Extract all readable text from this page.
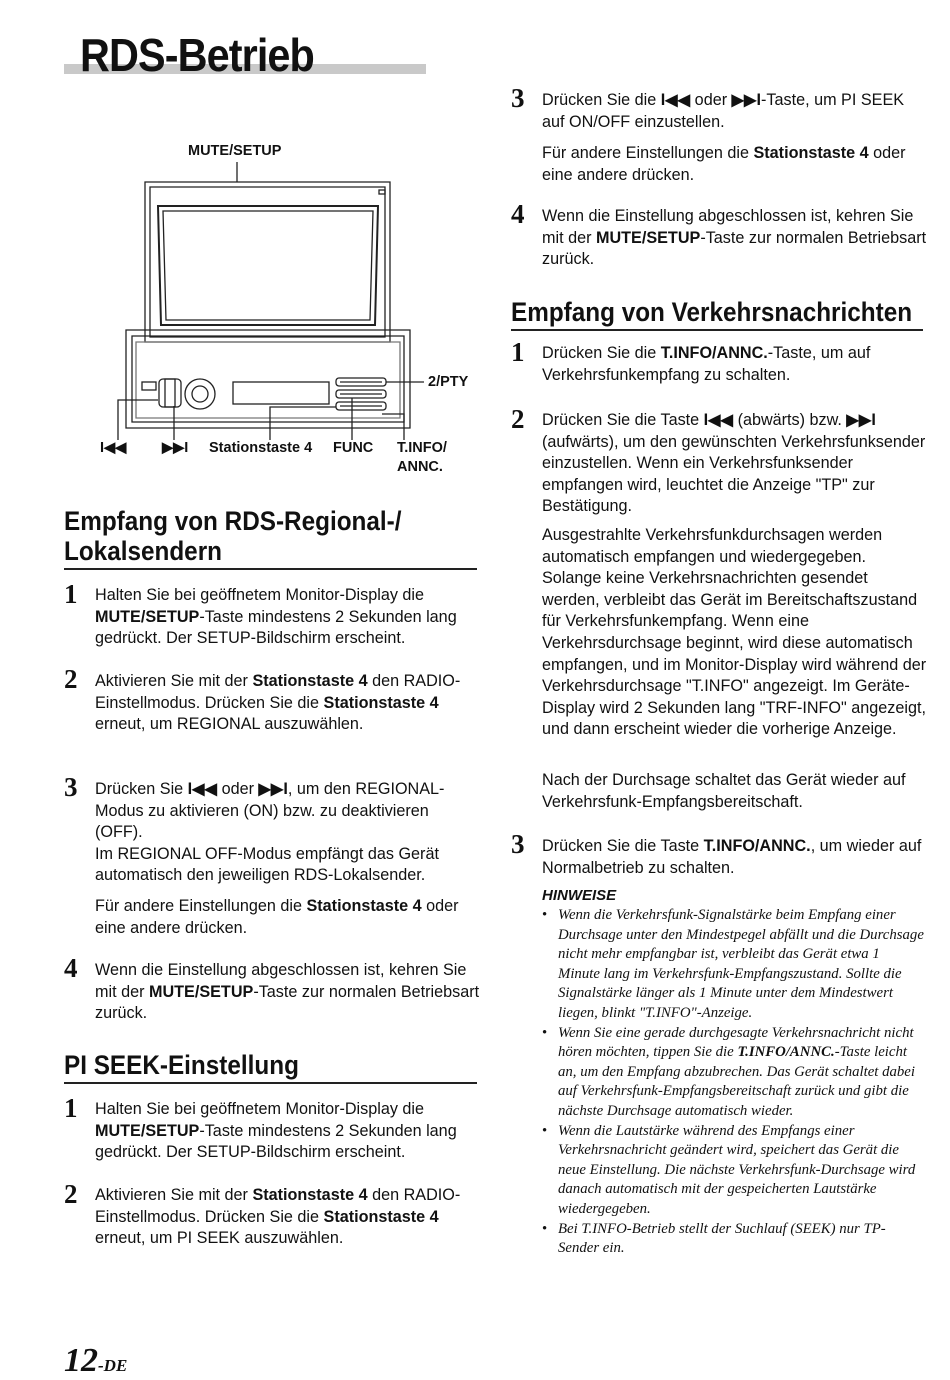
RDS-Betrieb
MUTE/SETUP
2/PTY
I◀◀ ▶▶I Stationstaste 4 FUNC T.INFO/
ANNC.
Empfang von RDS-Regional-/
Lokalsendern
1 Halten Sie bei geöffnetem Monitor-Display die MUTE/SETUP-Taste mindestens 2 Sekunden lang gedrückt. Der SETUP-Bildschirm erscheint.
2 Aktivieren Sie mit der Stationstaste 4 den RADIO-Einstellmodus. Drücken Sie die Stationstaste 4 erneut, um REGIONAL auszuwählen.
3 Drücken Sie I◀◀ oder ▶▶I, um den REGIONAL-Modus zu aktivieren (ON) bzw. zu deaktivieren (OFF).
Im REGIONAL OFF-Modus empfängt das Gerät automatisch den jeweiligen RDS-Lokalsender.
Für andere Einstellungen die Stationstaste 4 oder eine andere drücken.
4 Wenn die Einstellung abgeschlossen ist, kehren Sie mit der MUTE/SETUP-Taste zur normalen Betriebsart zurück.
PI SEEK-Einstellung
1 Halten Sie bei geöffnetem Monitor-Display die MUTE/SETUP-Taste mindestens 2 Sekunden lang gedrückt. Der SETUP-Bildschirm erscheint.
2 Aktivieren Sie mit der Stationstaste 4 den RADIO-Einstellmodus. Drücken Sie die Stationstaste 4 erneut, um PI SEEK auszuwählen.
3 Drücken Sie die I◀◀ oder ▶▶I-Taste, um PI SEEK auf ON/OFF einzustellen.
Für andere Einstellungen die Stationstaste 4 oder eine andere drücken.
4 Wenn die Einstellung abgeschlossen ist, kehren Sie mit der MUTE/SETUP-Taste zur normalen Betriebsart zurück.
Empfang von Verkehrsnachrichten
1 Drücken Sie die T.INFO/ANNC.-Taste, um auf Verkehrsfunkempfang zu schalten.
2 Drücken Sie die Taste I◀◀ (abwärts) bzw. ▶▶I (aufwärts), um den gewünschten Verkehrsfunksender einzustellen. Wenn ein Verkehrsfunksender empfangen wird, leuchtet die Anzeige "TP" zur Bestätigung.
Ausgestrahlte Verkehrsfunkdurchsagen werden automatisch empfangen und wiedergegeben. Solange keine Verkehrsnachrichten gesendet werden, verbleibt das Gerät im Bereitschaftszustand für Verkehrsfunkempfang. Wenn eine Verkehrsdurchsage beginnt, wird diese automatisch empfangen, und im Monitor-Display wird während der Verkehrsdurchsage "T.INFO" angezeigt. Im Geräte-Display wird 2 Sekunden lang "TRF-INFO" angezeigt, und dann erscheint wieder die vorherige Anzeige.
Nach der Durchsage schaltet das Gerät wieder auf Verkehrsfunk-Empfangsbereitschaft.
3 Drücken Sie die Taste T.INFO/ANNC., um wieder auf Normalbetrieb zu schalten.
HINWEISE
• Wenn die Verkehrsfunk-Signalstärke beim Empfang einer Durchsage unter den Mindestpegel abfällt und die Durchsage nicht mehr empfangbar ist, verbleibt das Gerät etwa 1 Minute lang im Verkehrsfunk-Empfangszustand. Sollte die Signalstärke länger als 1 Minute unter dem Mindestwert liegen, blinkt "T.INFO"-Anzeige.
• Wenn Sie eine gerade durchgesagte Verkehrsnachricht nicht hören möchten, tippen Sie die T.INFO/ANNC.-Taste leicht an, um den Empfang abzubrechen. Das Gerät schaltet dabei auf Verkehrsfunk-Empfangsbereitschaft zurück und gibt die nächste Durchsage automatisch wieder.
• Wenn die Lautstärke während des Empfangs einer Verkehrsnachricht geändert wird, speichert das Gerät die neue Einstellung. Die nächste Verkehrsfunk-Durchsage wird danach automatisch mit der gespeicherten Lautstärke wiedergegeben.
• Bei T.INFO-Betrieb stellt der Suchlauf (SEEK) nur TP-Sender ein.
12-DE
